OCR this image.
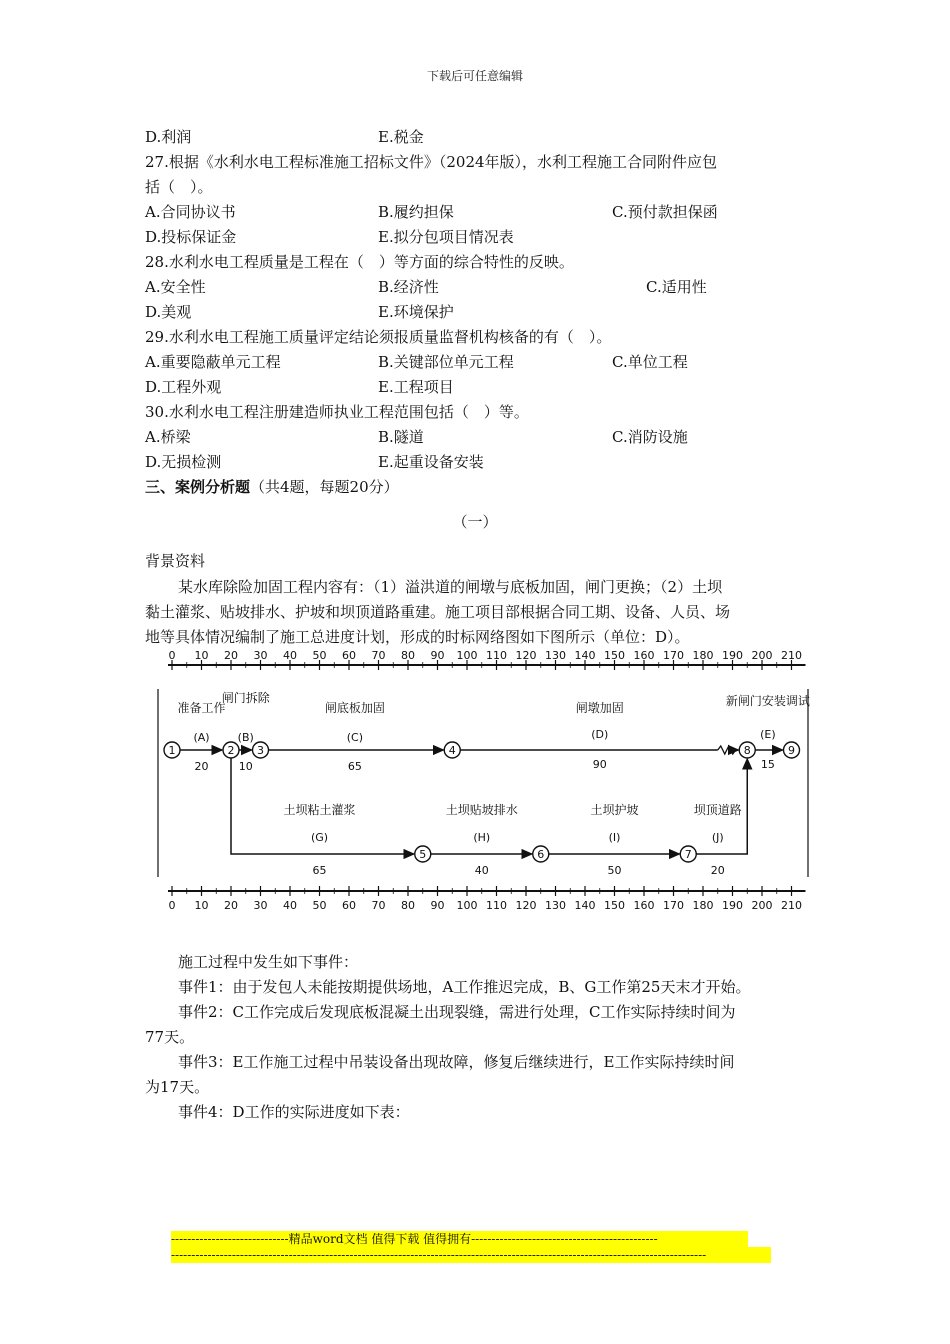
下载后可任意编辑
D.利润	E.税金
27.根据《水利水电工程标准施工招标文件》（2024年版），水利工程施工合同附件应包
括（　）。
A.合同协议书	B.履约担保	C.预付款担保函
D.投标保证金	E.拟分包项目情况表
28.水利水电工程质量是工程在（　）等方面的综合特性的反映。
A.安全性	B.经济性	C.适用性
D.美观	E.环境保护
29.水利水电工程施工质量评定结论须报质量监督机构核备的有（　）。
A.重要隐蔽单元工程	B.关键部位单元工程	C.单位工程
D.工程外观	E.工程项目
30.水利水电工程注册建造师执业工程范围包括（　）等。
A.桥梁	B.隧道	C.消防设施
D.无损检测	E.起重设备安装
三、案例分析题（共4题，每题20分）
（一）
背景资料
某水库除险加固工程内容有：（1）溢洪道的闸墩与底板加固，闸门更换；（2）土坝
黏土灌浆、贴坡排水、护坡和坝顶道路重建。施工项目部根据合同工期、设备、人员、场
地等具体情况编制了施工总进度计划，形成的时标网络图如下图所示（单位：D）。
0 10 20 30 40 50 60 70 80 90 100 110 120 130 140 150 160 170 180 190 200 210
0 10 20 30 40 50 60 70 80 90 100 110 120 130 140 150 160 170 180 190 200 210
准备工作
(A)
20
闸门拆除
(B)
10
闸底板加固
(C)
65
闸墩加固
(D)
90
新闸门安装调试
(E)
15
土坝粘土灌浆
(G)
65
土坝贴坡排水
(H)
40
土坝护坡
(I)
50
坝顶道路
(J)
20
1	2 3	4	8	9
5	6	7
施工过程中发生如下事件：
事件1：由于发包人未能按期提供场地，A工作推迟完成，B、G工作第25天末才开始。
事件2：C工作完成后发现底板混凝土出现裂缝，需进行处理，C工作实际持续时间为
77天。
事件3：E工作施工过程中吊装设备出现故障，修复后继续进行，E工作实际持续时间
为17天。
事件4：D工作的实际进度如下表：
-----------------------------精品word文档 值得下载 值得拥有----------------------------------------------
------------------------------------------------------------------------------------------------------------------------------------
